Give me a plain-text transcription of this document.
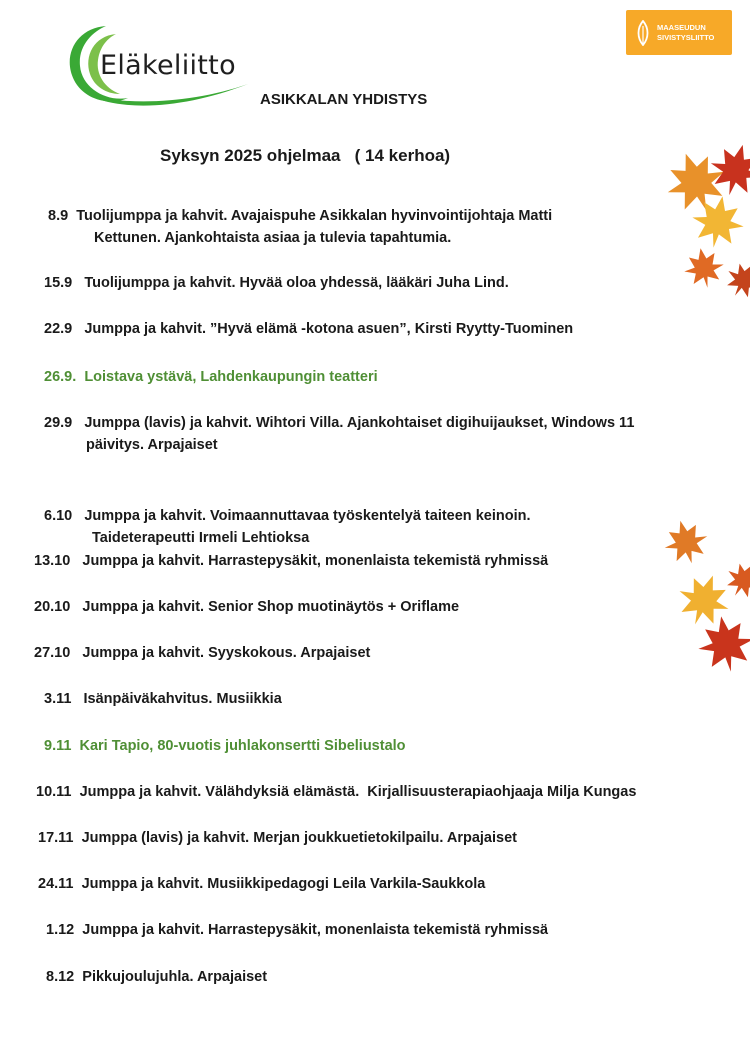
Eläkeliitto
MAASEUDUN
SIVISTYSLIITTO
ASIKKALAN YHDISTYS
Syksyn 2025 ohjelmaa   ( 14 kerhoa)
8.9 Tuolijumppa ja kahvit. Avajaispuhe Asikkalan hyvinvointijohtaja Matti
Kettunen. Ajankohtaista asiaa ja tulevia tapahtumia.
15.9 Tuolijumppa ja kahvit. Hyvää oloa yhdessä, lääkäri Juha Lind.
22.9 Jumppa ja kahvit. ”Hyvä elämä -kotona asuen”, Kirsti Ryytty-Tuominen
26.9. Loistava ystävä, Lahdenkaupungin teatteri
29.9 Jumppa (lavis) ja kahvit. Wihtori Villa. Ajankohtaiset digihuijaukset, Windows 11
päivitys. Arpajaiset
6.10 Jumppa ja kahvit. Voimaannuttavaa työskentelyä taiteen keinoin.
Taideterapeutti Irmeli Lehtioksa
13.10 Jumppa ja kahvit. Harrastepysäkit, monenlaista tekemistä ryhmissä
20.10 Jumppa ja kahvit. Senior Shop muotinäytös + Oriflame
27.10 Jumppa ja kahvit. Syyskokous. Arpajaiset
3.11 Isänpäiväkahvitus. Musiikkia
9.11 Kari Tapio, 80-vuotis juhlakonsertti Sibeliustalo
10.11 Jumppa ja kahvit. Välähdyksiä elämästä.  Kirjallisuusterapiaohjaaja Milja Kungas
17.11 Jumppa (lavis) ja kahvit. Merjan joukkuetietokilpailu. Arpajaiset
24.11 Jumppa ja kahvit. Musiikkipedagogi Leila Varkila-Saukkola
1.12 Jumppa ja kahvit. Harrastepysäkit, monenlaista tekemistä ryhmissä
8.12 Pikkujoulujuhla. Arpajaiset
